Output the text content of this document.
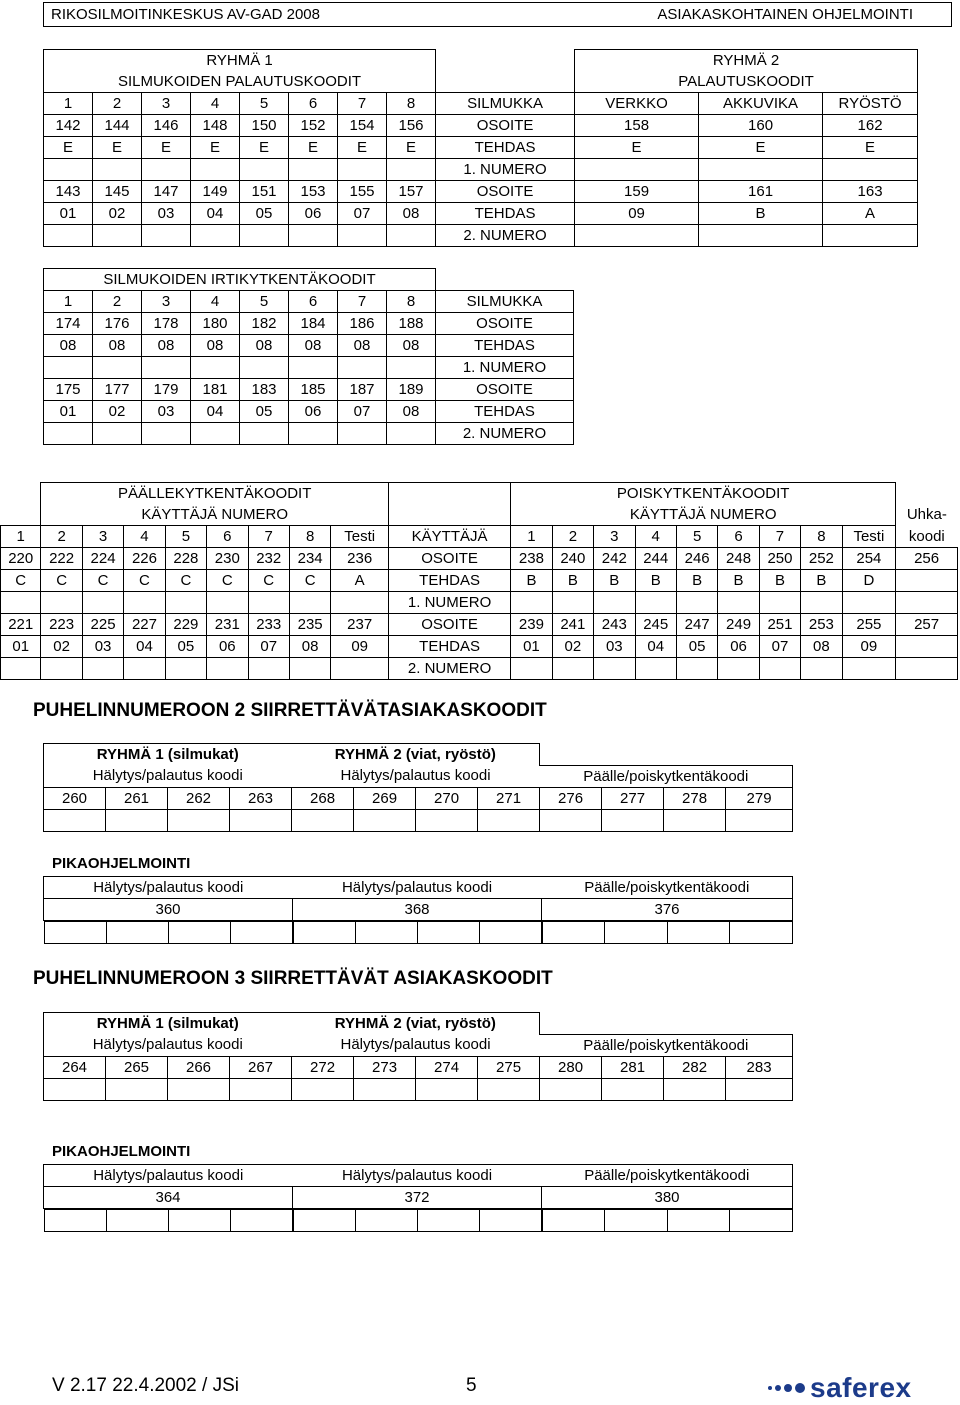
RIKOSILMOITINKESKUS AV-GAD 2008	ASIAKASKOHTAINEN OHJELMOINTI
RYHMÄ 1									RYHMÄ 2		
SILMUKOIDEN PALAUTUSKOODIT									PALAUTUSKOODIT		
1	2	3	4	5	6	7	8	SILMUKKA	VERKKO	AKKUVIKA	RYÖSTÖ
142	144	146	148	150	152	154	156	OSOITE	158	160	162
E	E	E	E	E	E	E	E	TEHDAS	E	E	E
								1. NUMERO			
143	145	147	149	151	153	155	157	OSOITE	159	161	163
01	02	03	04	05	06	07	08	TEHDAS	09	B	A
								2. NUMERO			
SILMUKOIDEN IRTIKYTKENTÄKOODIT								
1	2	3	4	5	6	7	8	SILMUKKA
174	176	178	180	182	184	186	188	OSOITE
08	08	08	08	08	08	08	08	TEHDAS
								1. NUMERO
175	177	179	181	183	185	187	189	OSOITE
01	02	03	04	05	06	07	08	TEHDAS
								2. NUMERO
	PÄÄLLEKYTKENTÄKOODIT									POISKYTKENTÄKOODIT									
	KÄYTTÄJÄ NUMERO									KÄYTTÄJÄ NUMERO									Uhka-
1	2	3	4	5	6	7	8	Testi	KÄYTTÄJÄ	1	2	3	4	5	6	7	8	Testi	koodi
220	222	224	226	228	230	232	234	236	OSOITE	238	240	242	244	246	248	250	252	254	256
C	C	C	C	C	C	C	C	A	TEHDAS	B	B	B	B	B	B	B	B	D	
									1. NUMERO										
221	223	225	227	229	231	233	235	237	OSOITE	239	241	243	245	247	249	251	253	255	257
01	02	03	04	05	06	07	08	09	TEHDAS	01	02	03	04	05	06	07	08	09	
									2. NUMERO										
PUHELINNUMEROON 2 SIIRRETTÄVÄTASIAKASKOODIT
RYHMÄ 1 (silmukat)				RYHMÄ 2 (viat, ryöstö)							
Hälytys/palautus koodi				Hälytys/palautus koodi				Päälle/poiskytkentäkoodi			
260	261	262	263	268	269	270	271	276	277	278	279

PIKAOHJELMOINTI
Hälytys/palautus koodi	Hälytys/palautus koodi	Päälle/poiskytkentäkoodi
360	368	376

PUHELINNUMEROON 3 SIIRRETTÄVÄT ASIAKASKOODIT
RYHMÄ 1 (silmukat)				RYHMÄ 2 (viat, ryöstö)							
Hälytys/palautus koodi				Hälytys/palautus koodi				Päälle/poiskytkentäkoodi			
264	265	266	267	272	273	274	275	280	281	282	283

PIKAOHJELMOINTI
Hälytys/palautus koodi	Hälytys/palautus koodi	Päälle/poiskytkentäkoodi
364	372	380

V 2.17 22.4.2002 / JSi	5	saferex
